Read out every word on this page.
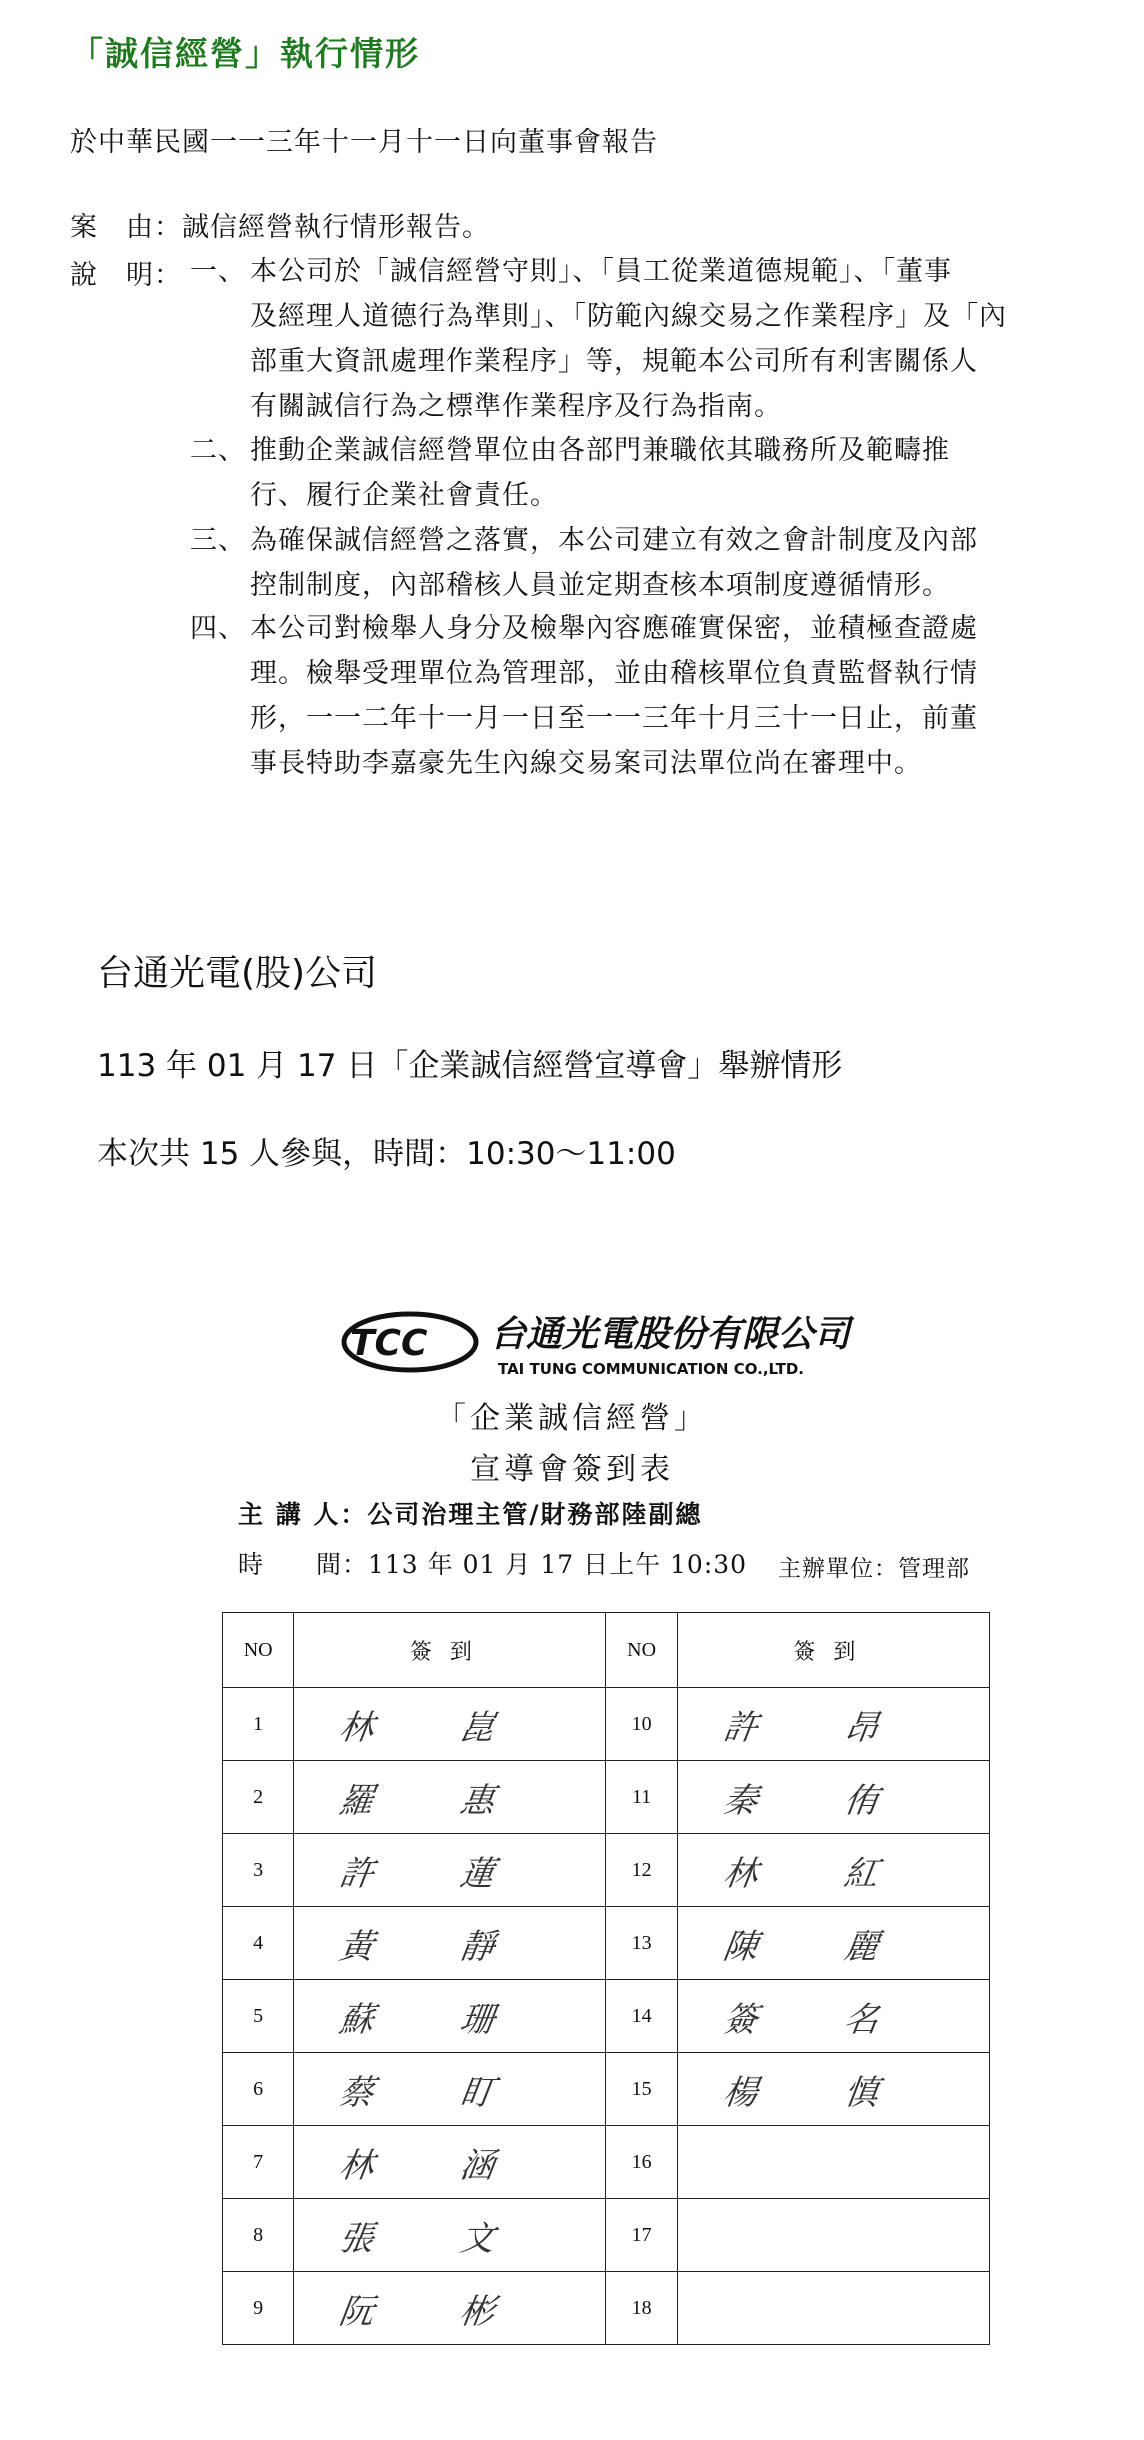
「誠信經營」執行情形
於中華民國一一三年十一月十一日向董事會報告
案　由：誠信經營執行情形報告。
說　明： 一、 本公司於「誠信經營守則」、「員工從業道德規範」、「董事
及經理人道德行為準則」、「防範內線交易之作業程序」及「內
部重大資訊處理作業程序」等，規範本公司所有利害關係人
有關誠信行為之標準作業程序及行為指南。
二、 推動企業誠信經營單位由各部門兼職依其職務所及範疇推
行、履行企業社會責任。
三、 為確保誠信經營之落實，本公司建立有效之會計制度及內部
控制制度，內部稽核人員並定期查核本項制度遵循情形。
四、 本公司對檢舉人身分及檢舉內容應確實保密，並積極查證處
理。檢舉受理單位為管理部，並由稽核單位負責監督執行情
形，一一二年十一月一日至一一三年十月三十一日止，前董
事長特助李嘉豪先生內線交易案司法單位尚在審理中。
台通光電(股)公司
113 年 01 月 17 日「企業誠信經營宣導會」舉辦情形
本次共 15 人參與，時間：10:30～11:00
TCC 台通光電股份有限公司
TAI TUNG COMMUNICATION CO.,LTD.
「企業誠信經營」
宣導會簽到表
主 講 人：公司治理主管/財務部陸副總
時　　間：113 年 01 月 17 日上午 10:30 主辦單位：管理部
NO	簽到	NO	簽到
1	林 崑	10	許 昂
2	羅 惠	11	秦 侑
3	許 蓮	12	林 紅
4	黃 靜	13	陳 麗
5	蘇 珊	14	簽 名
6	蔡 盯	15	楊 慎
7	林 涵	16	
8	張 文	17	
9	阮 彬	18	
